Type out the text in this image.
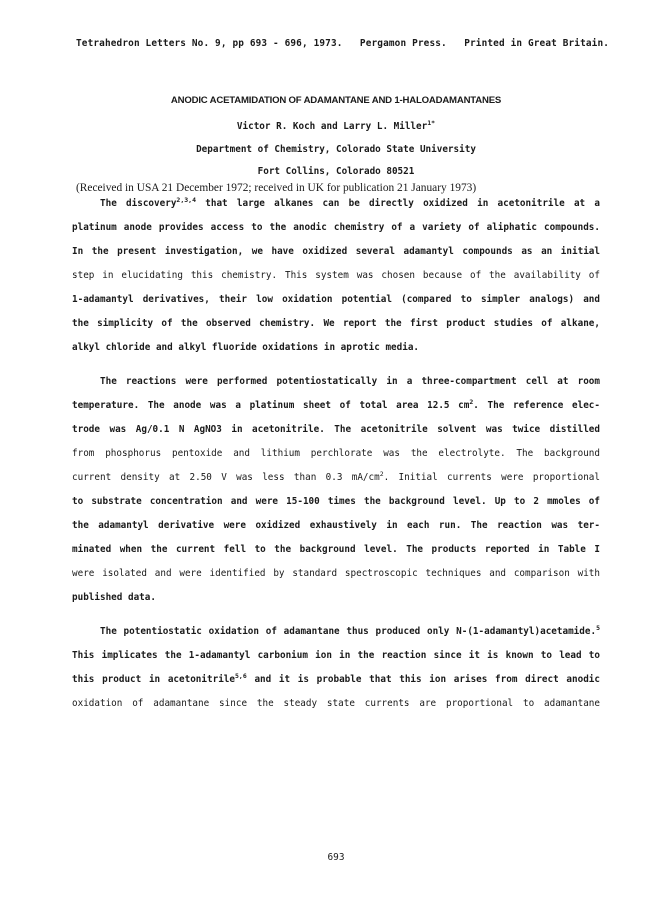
Tetrahedron Letters No. 9, pp 693 - 696, 1973.   Pergamon Press.   Printed in Great Britain.
ANODIC ACETAMIDATION OF ADAMANTANE AND 1-HALOADAMANTANES
Victor R. Koch and Larry L. Miller$^{1*}$
Department of Chemistry, Colorado State University
Fort Collins, Colorado 80521
(Received in USA 21 December 1972; received in UK for publication 21 January 1973)
The discovery$^{2,3,4}$ that large alkanes can be directly oxidized in acetonitrile at a
platinum anode provides access to the anodic chemistry of a variety of aliphatic compounds.
In the present investigation, we have oxidized several adamantyl compounds as an initial
step in elucidating this chemistry. This system was chosen because of the availability of
1-adamantyl derivatives, their low oxidation potential (compared to simpler analogs) and
the simplicity of the observed chemistry. We report the first product studies of alkane,
alkyl chloride and alkyl fluoride oxidations in aprotic media.
The reactions were performed potentiostatically in a three-compartment cell at room
temperature. The anode was a platinum sheet of total area 12.5 $cm^2$. The reference elec-
trode was Ag/0.1 N AgNO3 in acetonitrile. The acetonitrile solvent was twice distilled
from phosphorus pentoxide and lithium perchlorate was the electrolyte. The background
current density at 2.50 V was less than 0.3 $mA/cm^2$. Initial currents were proportional
to substrate concentration and were 15-100 times the background level. Up to 2 mmoles of
the adamantyl derivative were oxidized exhaustively in each run. The reaction was ter-
minated when the current fell to the background level. The products reported in Table I
were isolated and were identified by standard spectroscopic techniques and comparison with
published data.
The potentiostatic oxidation of adamantane thus produced only N-(1-adamantyl)acetamide.$^5$
This implicates the 1-adamantyl carbonium ion in the reaction since it is known to lead to
this product in acetonitrile$^{5,6}$ and it is probable that this ion arises from direct anodic
oxidation of adamantane since the steady state currents are proportional to adamantane
693
